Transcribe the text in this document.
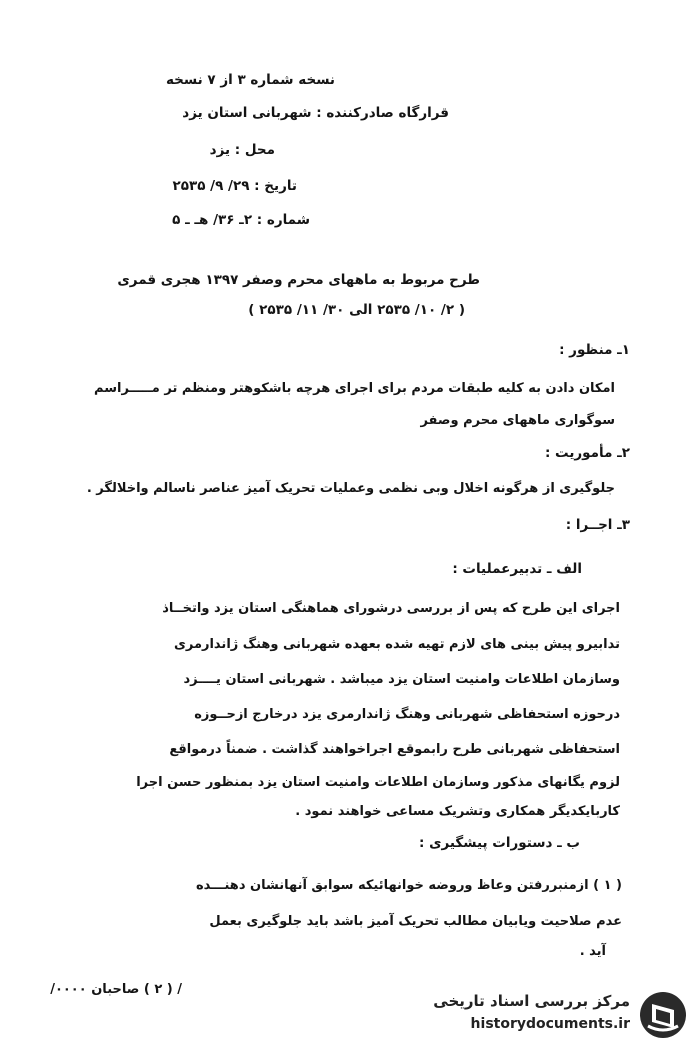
نسخه شماره ۳ از ۷ نسخه
قرارگاه صادرکننده : شهربانی استان یزد
محل : یزد
تاریخ : ۲۹/ ۹/ ۲۵۳۵
شماره : ۲ـ ۳۶/ هـ ـ ۵
طرح مربوط به ماههای محرم وصفر ۱۳۹۷ هجری قمری
( ۲/ ۱۰/ ۲۵۳۵ الی ۳۰/ ۱۱/ ۲۵۳۵ )
۱ـ منظور :
امکان دادن به کلیه طبقات مردم برای اجرای هرچه باشکوهتر ومنظم تر مـــــراسم
سوگواری ماههای محرم وصفر
۲ـ مأموریت :
جلوگیری از هرگونه اخلال وبی نظمی وعملیات تحریک آمیز عناصر ناسالم واخلالگر .
۳ـ اجــرا :
الف ـ تدبیرعملیات :
اجرای این طرح که پس از بررسی درشورای هماهنگی استان یزد واتخــاذ
تدابیرو پیش بینی های لازم تهیه شده بعهده شهربانی وهنگ ژاندارمری
وسازمان اطلاعات وامنیت استان یزد میباشد . شهربانی استان یــــزد
درحوزه استحفاظی شهربانی وهنگ ژاندارمری یزد درخارج ازحــوزه
استحفاظی شهربانی طرح رابموقع اجراخواهند گذاشت . ضمناً درمواقع
لزوم یگانهای مذکور وسازمان اطلاعات وامنیت استان یزد بمنظور حسن اجرا
کاربایکدیگر همکاری وتشریک مساعی خواهند نمود .
ب ـ دستورات پیشگیری :
( ۱ ) ازمنبررفتن وعاظ وروضه خوانهائیکه سوابق آنهانشان دهنـــده
عدم صلاحیت ویابیان مطالب تحریک آمیز باشد باید جلوگیری بعمل
آید .
/ ( ۲ ) صاحبان ۰۰۰۰/
مرکز بررسی اسناد تاریخی
historydocuments.ir
